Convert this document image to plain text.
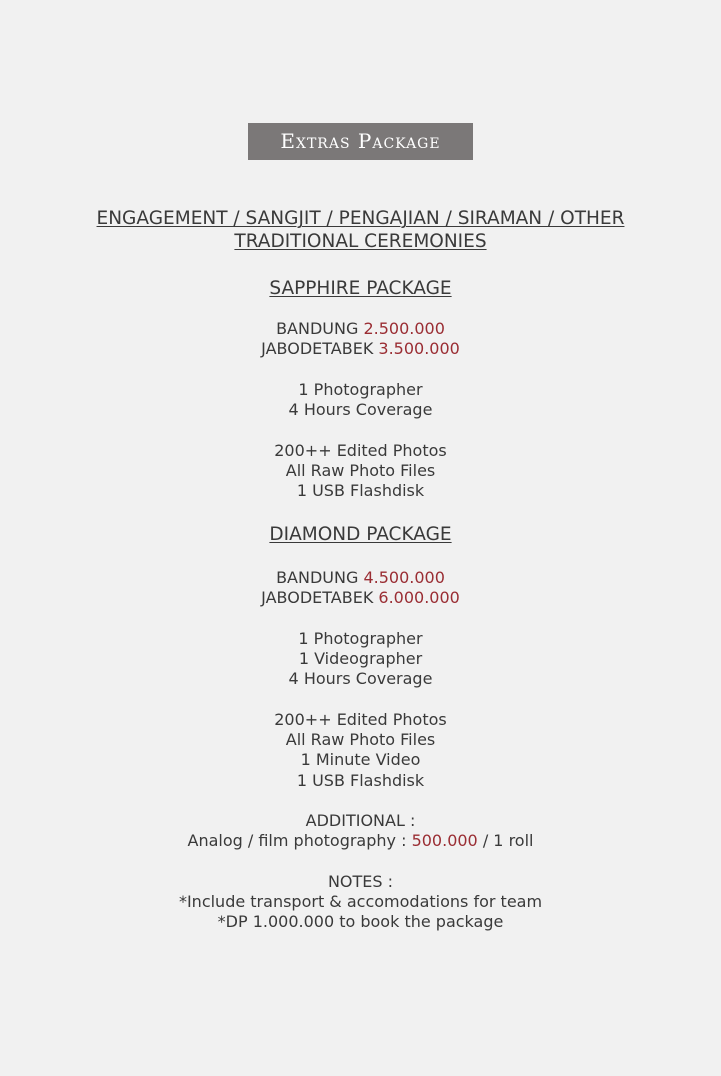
Extras Package
ENGAGEMENT / SANGJIT / PENGAJIAN / SIRAMAN / OTHER
TRADITIONAL CEREMONIES
SAPPHIRE PACKAGE
BANDUNG 2.500.000
JABODETABEK 3.500.000
1 Photographer
4 Hours Coverage
200++ Edited Photos
All Raw Photo Files
1 USB Flashdisk
DIAMOND PACKAGE
BANDUNG 4.500.000
JABODETABEK 6.000.000
1 Photographer
1 Videographer
4 Hours Coverage
200++ Edited Photos
All Raw Photo Files
1 Minute Video
1 USB Flashdisk
ADDITIONAL :
Analog / film photography : 500.000 / 1 roll
NOTES :
*Include transport & accomodations for team
*DP 1.000.000 to book the package
